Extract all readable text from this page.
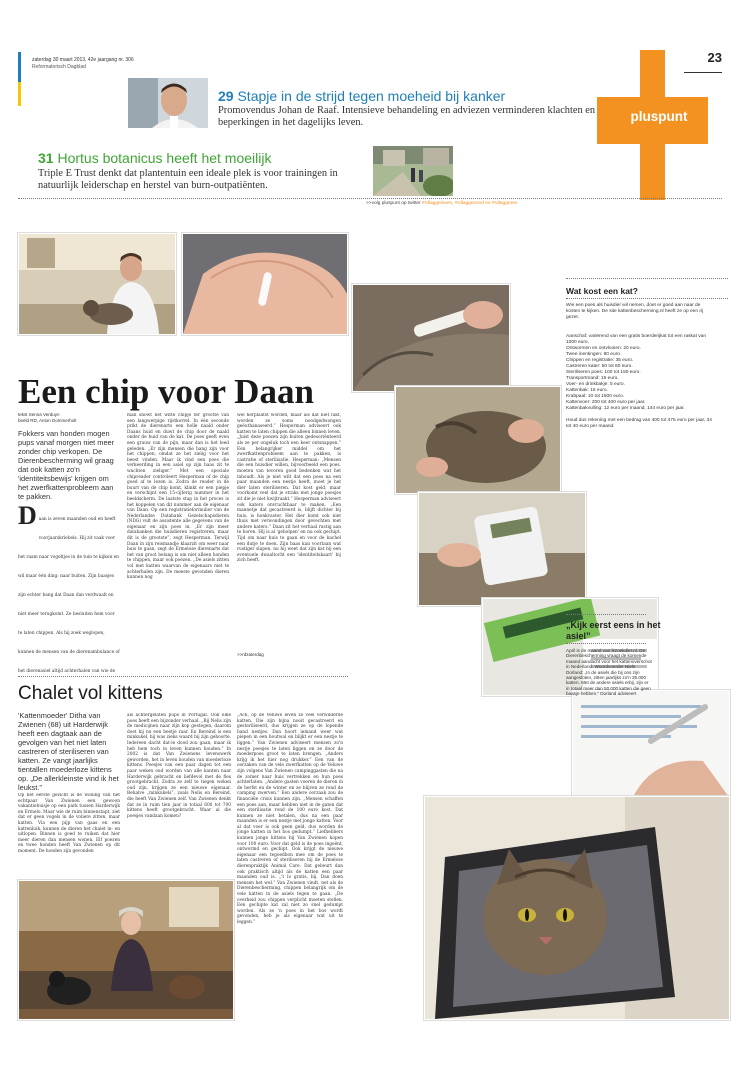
zaterdag 30 maart 2013, 42e jaargang nr. 306
Reformatorisch Dagblad
pluspunt
23
29 Stapje in de strijd tegen moeheid bij kanker
Promovendus Johan de Raaf. Intensieve behandeling en adviezen verminderen klachten en beperkingen in het dagelijks leven.
31 Hortus botanicus heeft het moeilijk
Triple E Trust denkt dat plantentuin een ideale plek is voor trainingen in natuurlijk leiderschap en herstel van burn-outpatiënten.
>>volg pluspunt op twitter #rdlaggeloven, #rdlaggezond en #rdlaggroen
Een chip voor Daan
tekst Senna Verduyn
beeld RD, Anton Dommerholt
Fokkers van honden mogen pups vanaf morgen niet meer zonder chip verkopen. De Dierenbescherming wil graag dat ook katten zo'n 'identiteitsbewijs' krijgen om het zwerfkattenprobleem aan te pakken.
D aan is zeven maanden oud en heeft voorjaarskriebels. Hij zit vaak voor het raam naar vogeltjes in de tuin te kijken en wil maar één ding: naar buiten. Zijn baasjes zijn echter bang dat Daan dan verdwaalt en niet meer terugkomt. Ze besluiten hem voor te laten chippen. Als hij zoek weglopen, kunnen de mensen van de dierenambulance of het dierenasiel altijd achterhalen van wie de
man showt het witte chipje ter grootte van een langwerpige rijstkorrel. In één seconde prikt de dierenarts een holle naald onder Daans huid en duwt de chip door de naald onder de huid van de kat. De poes geeft even een grauw van de pijn, maar dan is het leed geleden. „Er zijn mensen die bang zijn voor het chippen, omdat ze het zielig voor het beest vinden. Maar ik vind een poes die verkeerding in een asiel op zijn baas zit te wachten zieliger.” Met een speciale chipreader controleert Hesperman of de chip goed af te lezen is. Zodra de reader in de buurt van de chip komt, klinkt er een piepje en verschijnt een 15-cijferig nummer in het beeldscherm. De laatste stap in het proces is het koppelen van dit nummer aan de eigenaar van Daan. Op een registratieformulier van de Nederlandse Databank Gezelschapsdieren (NDG) vult de assistente alle gegevens van de eigenaar en zijn poes in. „Er zijn meer databanken die huisdieren registreren, maar dit is de grootste”, zegt Hesperman. Terwijl Daan in zijn reismandje klaarzit om weer naar huis te gaan, zegt de Ermelose dierenarts dat het van groot belang is om niet alleen honden te chippen, maar ook poezen. „De asiels zitten vol met katten waarvan de eigenaars niet te achterhalen zijn. De meeste gevonden dieren kunnen nog
wel herplaatst worden, maar als dat niet lukt, worden ze soms noodgedwongen geëuthanaseerd.” Hesperman adviseert ook katten te laten chippen die alleen binnen leven. „Juist deze poezen zijn buiten gedesoriënteerd als ze per ongeluk toch een keer ontsnappen.” Een belangrijker middel om het zwerfkattenprobleem aan te pakken, is castratie of sterilisatie. Hesperman: „Mensen die een huisdier willen, bijvoorbeeld een poes, moeten van tevoren goed bedenken wat het inhoudt. Als je niet wilt dat een poes na een paar maanden een nestje heeft, moet je het dier laten steriliseren. Dat kost geld, maar voorkomt veel dat je straks met jonge poesjes zit die je niet kwijtraakt.” Hesperman adviseert ook katers onvruchtbaar te maken. „Een mannetje dat gecastreerd is, blijft dichter bij huis, is honkvaster. Het dier komt ook niet thuis met verwondingen door gevechten met andere katers.” Daan zit het verhaal rustig aan te horen. Hij is al 'geholpen' en nu ook gechipt. Tijd om naar huis te gaan en voor de kachel een dutje te doen. Zijn baas kan voortaan wat rustiger slapen, nu hij weet dat zijn kat bij een eventuele dwaaltocht een 'identiteitskaart' bij zich heeft.
>>rdzaterdag
Wat kost een kat?
Wie een poes als huisdier wil nemen, doet er goed aan naar de kosten te kijken. De site kattenbescherming.nl heeft ze op een rij gezet.
Aanschaf: variërend van een gratis boerderijkat tot een raskat van 1000 euro.
Ontwormen en ontvlooien: 20 euro.
Twee inentingen: 80 euro .
Chippen en registratie: 35 euro.
Castreren kater: 50 tot 80 euro.
Steriliseren poes: 100 tot 150 euro.
Transportmand: 15 euro.
Voer- en drinkbakje: 5 euro.
Kattenbak: 15 euro.
Krabpaal: 10 tot 1500 euro.
Kattenvoer: 200 tot 400 euro per jaar.
Kattenbakvulling: 12 euro per maand, 144 euro per jaar.
Houd dus rekening met een bedrag van 400 tot 475 euro per jaar, 34 tot 40 euro per maand.
„Kijk eerst eens in het asiel”
April is de maand van ikzoekdier.nl. De Dierenbescherming vraagt de komende maand aandacht voor het kattenoverschot in Nederland. Woordvoerder Niels Dorland: „In de asiels die bij ons zijn aangesloten, zitten jaarlijks zo'n 35.000 katten. Met de andere asiels erbij, zijn er in totaal meer dan 50.000 katten die geen baasje hebben.” Dorland adviseert
Chalet vol kittens
'Kattenmoeder' Ditha van Zwienen (68) uit Harderwijk heeft een dagtaak aan de gevolgen van het niet laten castreren of steriliseren van katten. Ze vangt jaarlijks tientallen moederloze kittens op. „De allerkleinste vind ik het leukst.”
Op het eerste gezicht is de woning van het echtpaar Van Zwienen een gewoon vakantiehuisje op een park tussen Harderwijk en Ermelo. Maar wie de ruim binnenstapt, ziet dat er geen vogels in de voliere zitten, maar katten. Via een pijp van gaas en een kattenluik, kunnen de dieren het chalet in- en uitlopen. Binnen is goed te ruiken dat hier meer dieren dan mensen wonen. Elf poezen en twee honden heeft Van Zwienen op dit moment. De honden zijn gevonden
als achtergelaten pups in Portugal. Ook elke poes heeft een bijzonder verhaal. „Bij Nelis zijn de medicijnen naar zijn kop gestegen, daarom doet hij nu een beetje raar. En Bereind is een minkukel, hij was zieks waard bij zijn geboorte. Iedereen dacht dat-ie dood zou gaan, maar ik heb hem toch in leven kunnen houden.” In 2002 is dat Van Zwienens levenswerk geworden, het in leven houden van moederloze kittens. Poesjes van een paar dagen tot een paar weken oud worden van alle kanten naar Harderwijk gebracht en liefdevol met de fles grootgebracht. Zodra ze zelf te tiegen weken oud zijn, krijgen ze een nieuwe eigenaar. Behalve „minkukels”, zoals Nelis en Bereind, die heeft Van Zwienen zelf. Van Zwienen denkt dat ze in ruim tien jaar in totaal 600 tot 700 kittens heeft grootgebracht. Waar al die poesjes vandaan komen?
„Ach, op de Veluwe leven zo veel verwilderde katten. Die zijn bijna nooit gecastreerd en gesteriliseerd, dus krijgen ze op de lopende band nestjes. Dan hoort iemand weer wat piepen in een houtwal en blijkt er een nestje te liggen.” Van Zwienen adviseert mensen zo'n nestje poesjes te laten liggen en ze door de moederpoes groot te laten brengen. „Anders krijg ik het hier nog drukker.” Een van de oorzaken van de vele zwerfkatten op de Veluwe zijn volgens Van Zwienen campinggasten die na de zomer naar huis vertrekken en hun poes achterlaten. „Andere gasten voeren de dieren in de herfst en de winter en ze blijven ze rond de camping zwerven.” Een andere oorzaak zou de financiële crisis kunnen zijn. „Mensen schaffen een poes aan, maar hebben niet in de gaten dat een sterilisatie rond de 100 euro kost. Dat kunnen ze niet betalen, dus na een paar maanden is er een nestje met jonge katten. Voor al dat voer is ook geen geld, dus worden de jonge katten in het bos gedumpt.” Liefhebbers kunnen jonge kittens bij Van Zwienen kopen voor 100 euro. Voor dat geld is de poes ingeënt, ontwormd en gechipt. Ook krijgt de nieuwe eigenaar een tegoedbon mee om de poes te laten castreren of steriliseren bij de Ermelose dierenpraktijk Animal Care. Dat gebeurt dan ook praktisch altijd als de katten een paar maanden oud is. „'t Is gratis, bij. Dan doen mensen het wel.” Van Zwienen vindt, net als de Dierenbescherming, chippen belangrijk om de vele katten in de asiels tegen te gaan. „De overheid zou chippen verplicht moeten stellen. Een gechipte kat zal niet zo snel gedumpt worden. Als ze 'n poes in het bos wordt gevonden, heb je als eigenaar wat uit te leggen.”
